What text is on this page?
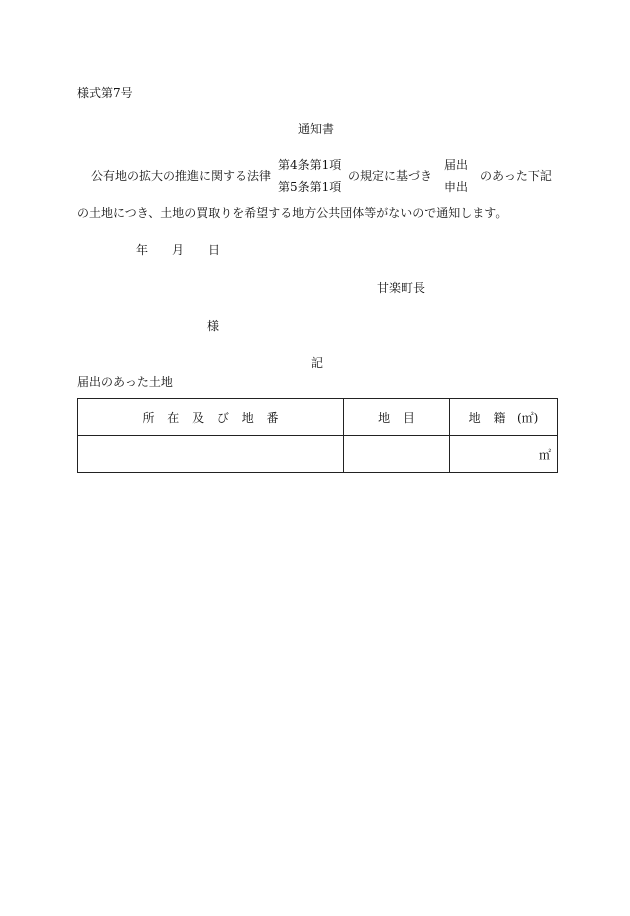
様式第7号
通知書
公有地の拡大の推進に関する法律
第4条第1項
第5条第1項
の規定に基づき
届出
申出
のあった下記
の土地につき、土地の買取りを希望する地方公共団体等がないので通知します。
年 月 日
甘楽町長
様
記
届出のあった土地
所 在 及 び 地 番	地 目	地 籍 (㎡)
		㎡
